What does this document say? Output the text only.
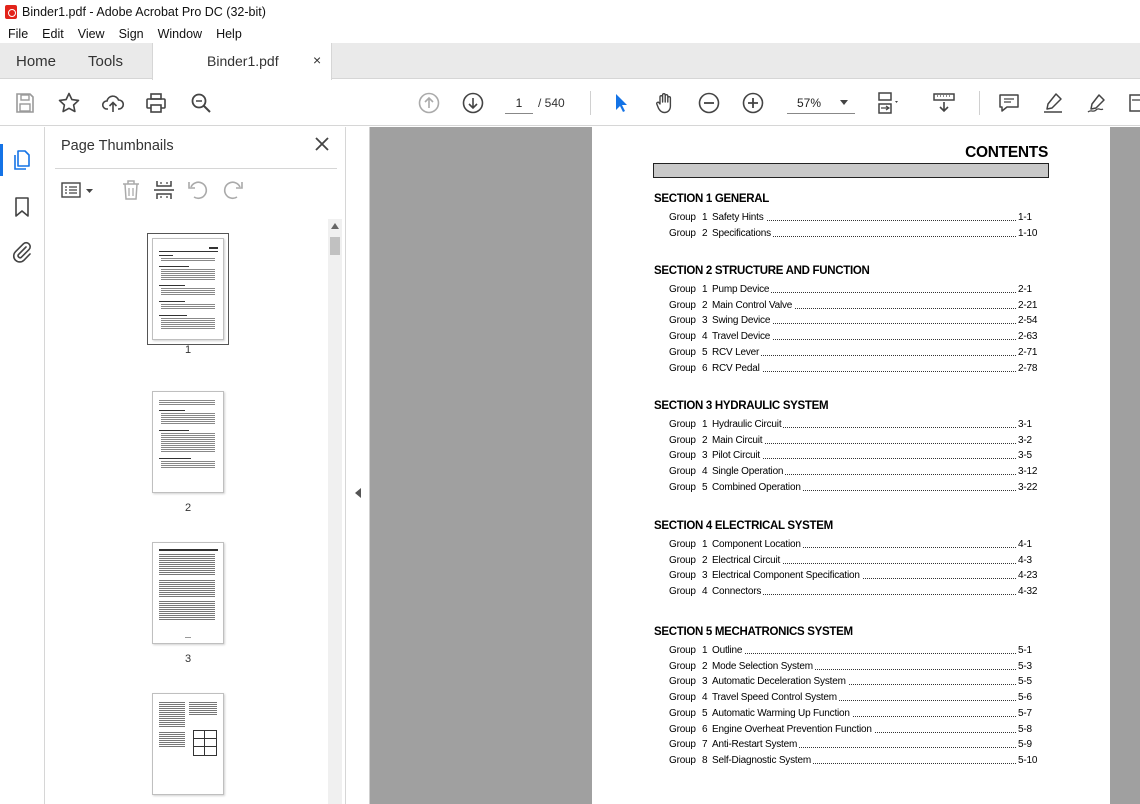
Binder1.pdf - Adobe Acrobat Pro DC (32-bit)
File	Edit	View	Sign	Window	Help
Home	Tools	Binder1.pdf ×
1	/ 540	57%
Page Thumbnails
1
2
3
CONTENTS
SECTION 1 GENERAL
Group 1 Safety Hints	1-1
Group 2 Specifications	1-10
SECTION 2 STRUCTURE AND FUNCTION
Group 1 Pump Device	2-1
Group 2 Main Control Valve	2-21
Group 3 Swing Device	2-54
Group 4 Travel Device	2-63
Group 5 RCV Lever	2-71
Group 6 RCV Pedal	2-78
SECTION 3 HYDRAULIC SYSTEM
Group 1 Hydraulic Circuit	3-1
Group 2 Main Circuit	3-2
Group 3 Pilot Circuit	3-5
Group 4 Single Operation	3-12
Group 5 Combined Operation	3-22
SECTION 4 ELECTRICAL SYSTEM
Group 1 Component Location	4-1
Group 2 Electrical Circuit	4-3
Group 3 Electrical Component Specification	4-23
Group 4 Connectors	4-32
SECTION 5 MECHATRONICS SYSTEM
Group 1 Outline	5-1
Group 2 Mode Selection System	5-3
Group 3 Automatic Deceleration System	5-5
Group 4 Travel Speed Control System	5-6
Group 5 Automatic Warming Up Function	5-7
Group 6 Engine Overheat Prevention Function	5-8
Group 7 Anti-Restart System	5-9
Group 8 Self-Diagnostic System	5-10
